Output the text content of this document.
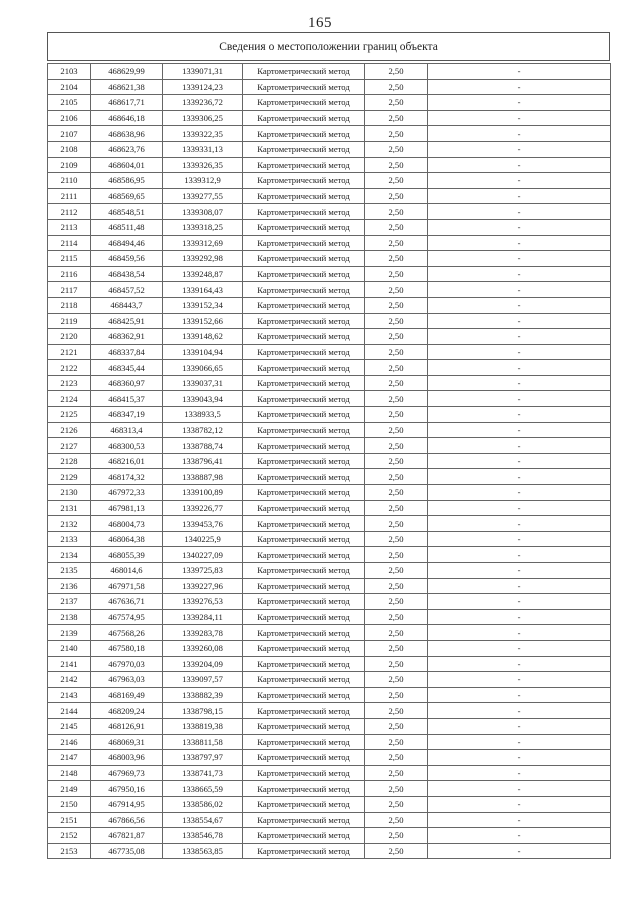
165
Сведения о местоположении границ объекта
2103	468629,99	1339071,31	Картометрический метод	2,50	-
2104	468621,38	1339124,23	Картометрический метод	2,50	-
2105	468617,71	1339236,72	Картометрический метод	2,50	-
2106	468646,18	1339306,25	Картометрический метод	2,50	-
2107	468638,96	1339322,35	Картометрический метод	2,50	-
2108	468623,76	1339331,13	Картометрический метод	2,50	-
2109	468604,01	1339326,35	Картометрический метод	2,50	-
2110	468586,95	1339312,9	Картометрический метод	2,50	-
2111	468569,65	1339277,55	Картометрический метод	2,50	-
2112	468548,51	1339308,07	Картометрический метод	2,50	-
2113	468511,48	1339318,25	Картометрический метод	2,50	-
2114	468494,46	1339312,69	Картометрический метод	2,50	-
2115	468459,56	1339292,98	Картометрический метод	2,50	-
2116	468438,54	1339248,87	Картометрический метод	2,50	-
2117	468457,52	1339164,43	Картометрический метод	2,50	-
2118	468443,7	1339152,34	Картометрический метод	2,50	-
2119	468425,91	1339152,66	Картометрический метод	2,50	-
2120	468362,91	1339148,62	Картометрический метод	2,50	-
2121	468337,84	1339104,94	Картометрический метод	2,50	-
2122	468345,44	1339066,65	Картометрический метод	2,50	-
2123	468360,97	1339037,31	Картометрический метод	2,50	-
2124	468415,37	1339043,94	Картометрический метод	2,50	-
2125	468347,19	1338933,5	Картометрический метод	2,50	-
2126	468313,4	1338782,12	Картометрический метод	2,50	-
2127	468300,53	1338788,74	Картометрический метод	2,50	-
2128	468216,01	1338796,41	Картометрический метод	2,50	-
2129	468174,32	1338887,98	Картометрический метод	2,50	-
2130	467972,33	1339100,89	Картометрический метод	2,50	-
2131	467981,13	1339226,77	Картометрический метод	2,50	-
2132	468004,73	1339453,76	Картометрический метод	2,50	-
2133	468064,38	1340225,9	Картометрический метод	2,50	-
2134	468055,39	1340227,09	Картометрический метод	2,50	-
2135	468014,6	1339725,83	Картометрический метод	2,50	-
2136	467971,58	1339227,96	Картометрический метод	2,50	-
2137	467636,71	1339276,53	Картометрический метод	2,50	-
2138	467574,95	1339284,11	Картометрический метод	2,50	-
2139	467568,26	1339283,78	Картометрический метод	2,50	-
2140	467580,18	1339260,08	Картометрический метод	2,50	-
2141	467970,03	1339204,09	Картометрический метод	2,50	-
2142	467963,03	1339097,57	Картометрический метод	2,50	-
2143	468169,49	1338882,39	Картометрический метод	2,50	-
2144	468209,24	1338798,15	Картометрический метод	2,50	-
2145	468126,91	1338819,38	Картометрический метод	2,50	-
2146	468069,31	1338811,58	Картометрический метод	2,50	-
2147	468003,96	1338797,97	Картометрический метод	2,50	-
2148	467969,73	1338741,73	Картометрический метод	2,50	-
2149	467950,16	1338665,59	Картометрический метод	2,50	-
2150	467914,95	1338586,02	Картометрический метод	2,50	-
2151	467866,56	1338554,67	Картометрический метод	2,50	-
2152	467821,87	1338546,78	Картометрический метод	2,50	-
2153	467735,08	1338563,85	Картометрический метод	2,50	-
